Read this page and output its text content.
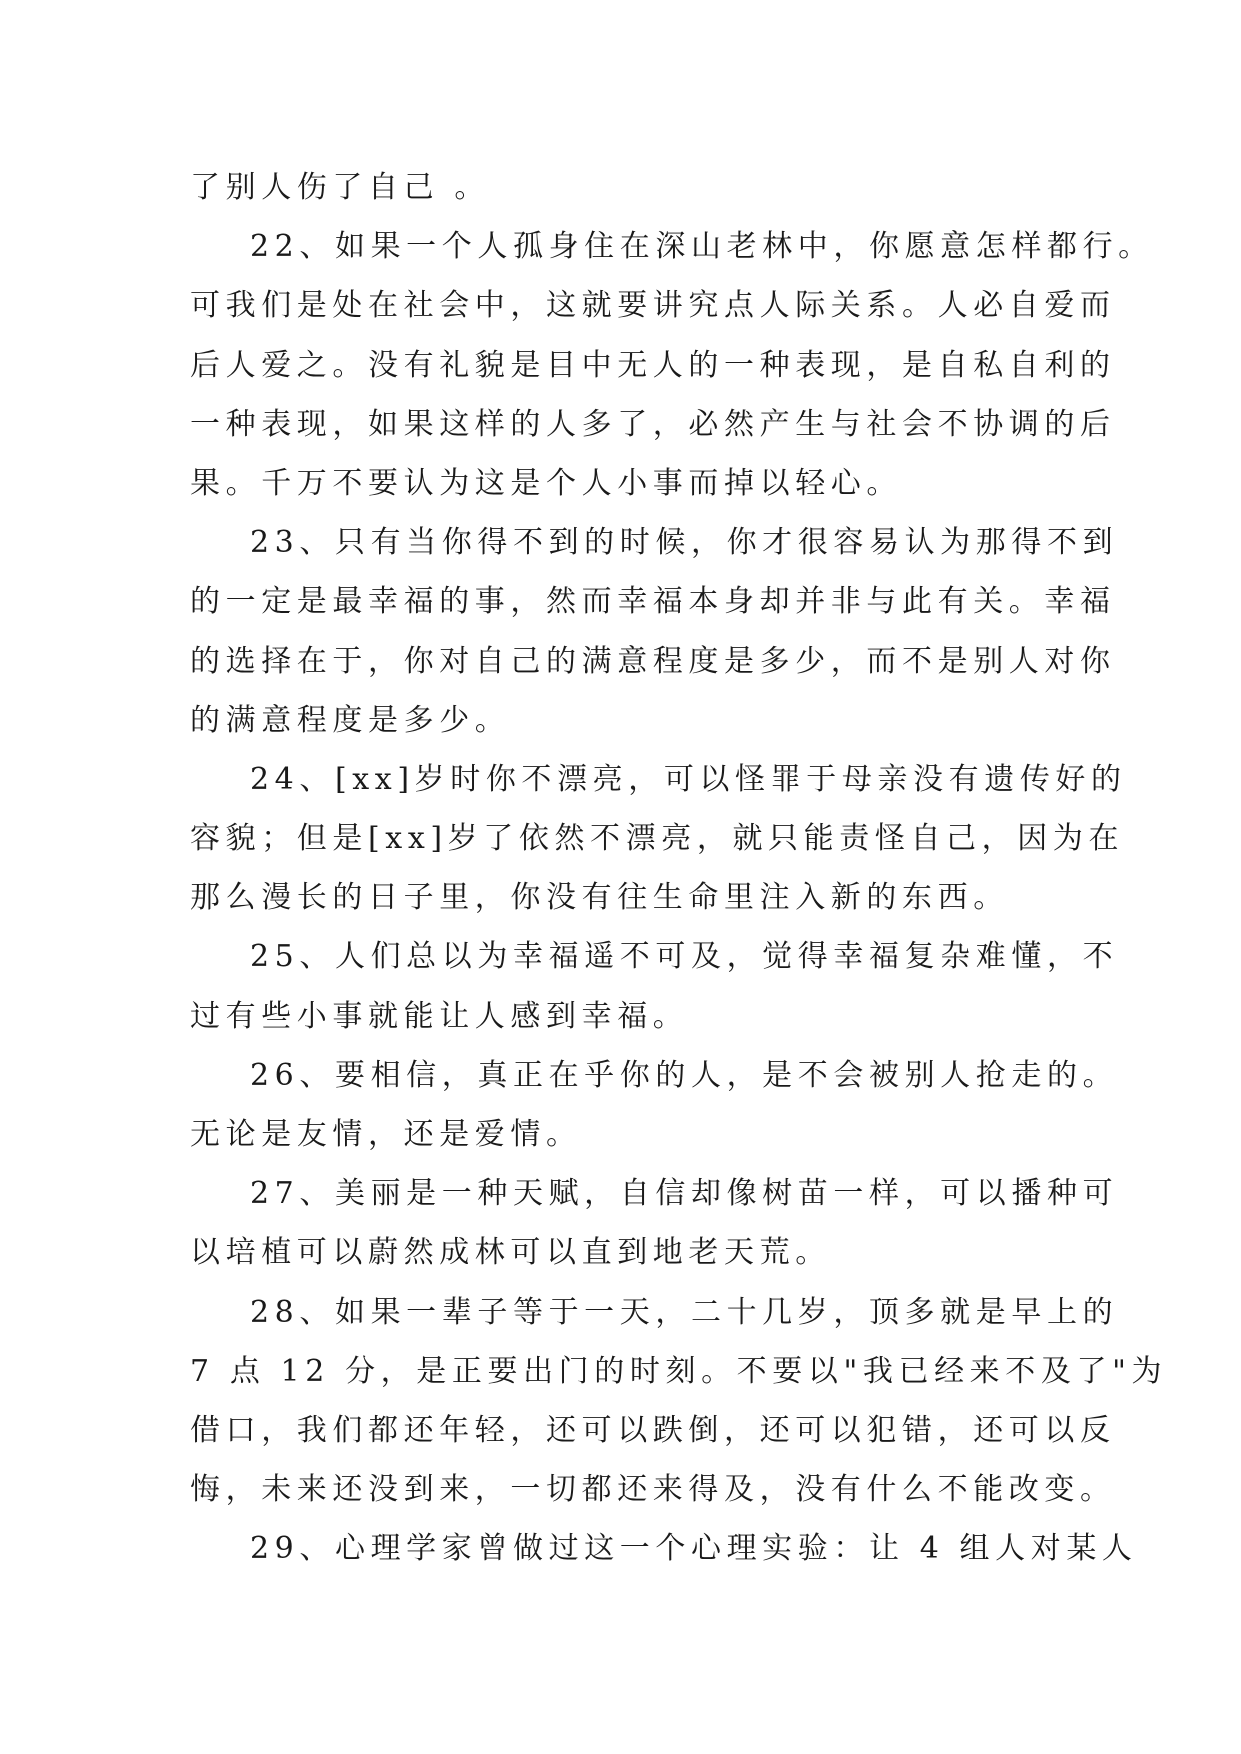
了别人伤了自己 。
22、如果一个人孤身住在深山老林中，你愿意怎样都行。
可我们是处在社会中，这就要讲究点人际关系。人必自爱而
后人爱之。没有礼貌是目中无人的一种表现，是自私自利的
一种表现，如果这样的人多了，必然产生与社会不协调的后
果。千万不要认为这是个人小事而掉以轻心。
23、只有当你得不到的时候，你才很容易认为那得不到
的一定是最幸福的事，然而幸福本身却并非与此有关。幸福
的选择在于，你对自己的满意程度是多少，而不是别人对你
的满意程度是多少。
24、[xx]岁时你不漂亮，可以怪罪于母亲没有遗传好的
容貌；但是[xx]岁了依然不漂亮，就只能责怪自己，因为在
那么漫长的日子里，你没有往生命里注入新的东西。
25、人们总以为幸福遥不可及，觉得幸福复杂难懂，不
过有些小事就能让人感到幸福。
26、要相信，真正在乎你的人，是不会被别人抢走的。
无论是友情，还是爱情。
27、美丽是一种天赋，自信却像树苗一样，可以播种可
以培植可以蔚然成林可以直到地老天荒。
28、如果一辈子等于一天，二十几岁，顶多就是早上的
7 点 12 分，是正要出门的时刻。不要以"我已经来不及了"为
借口，我们都还年轻，还可以跌倒，还可以犯错，还可以反
悔，未来还没到来，一切都还来得及，没有什么不能改变。
29、心理学家曾做过这一个心理实验：让 4 组人对某人
